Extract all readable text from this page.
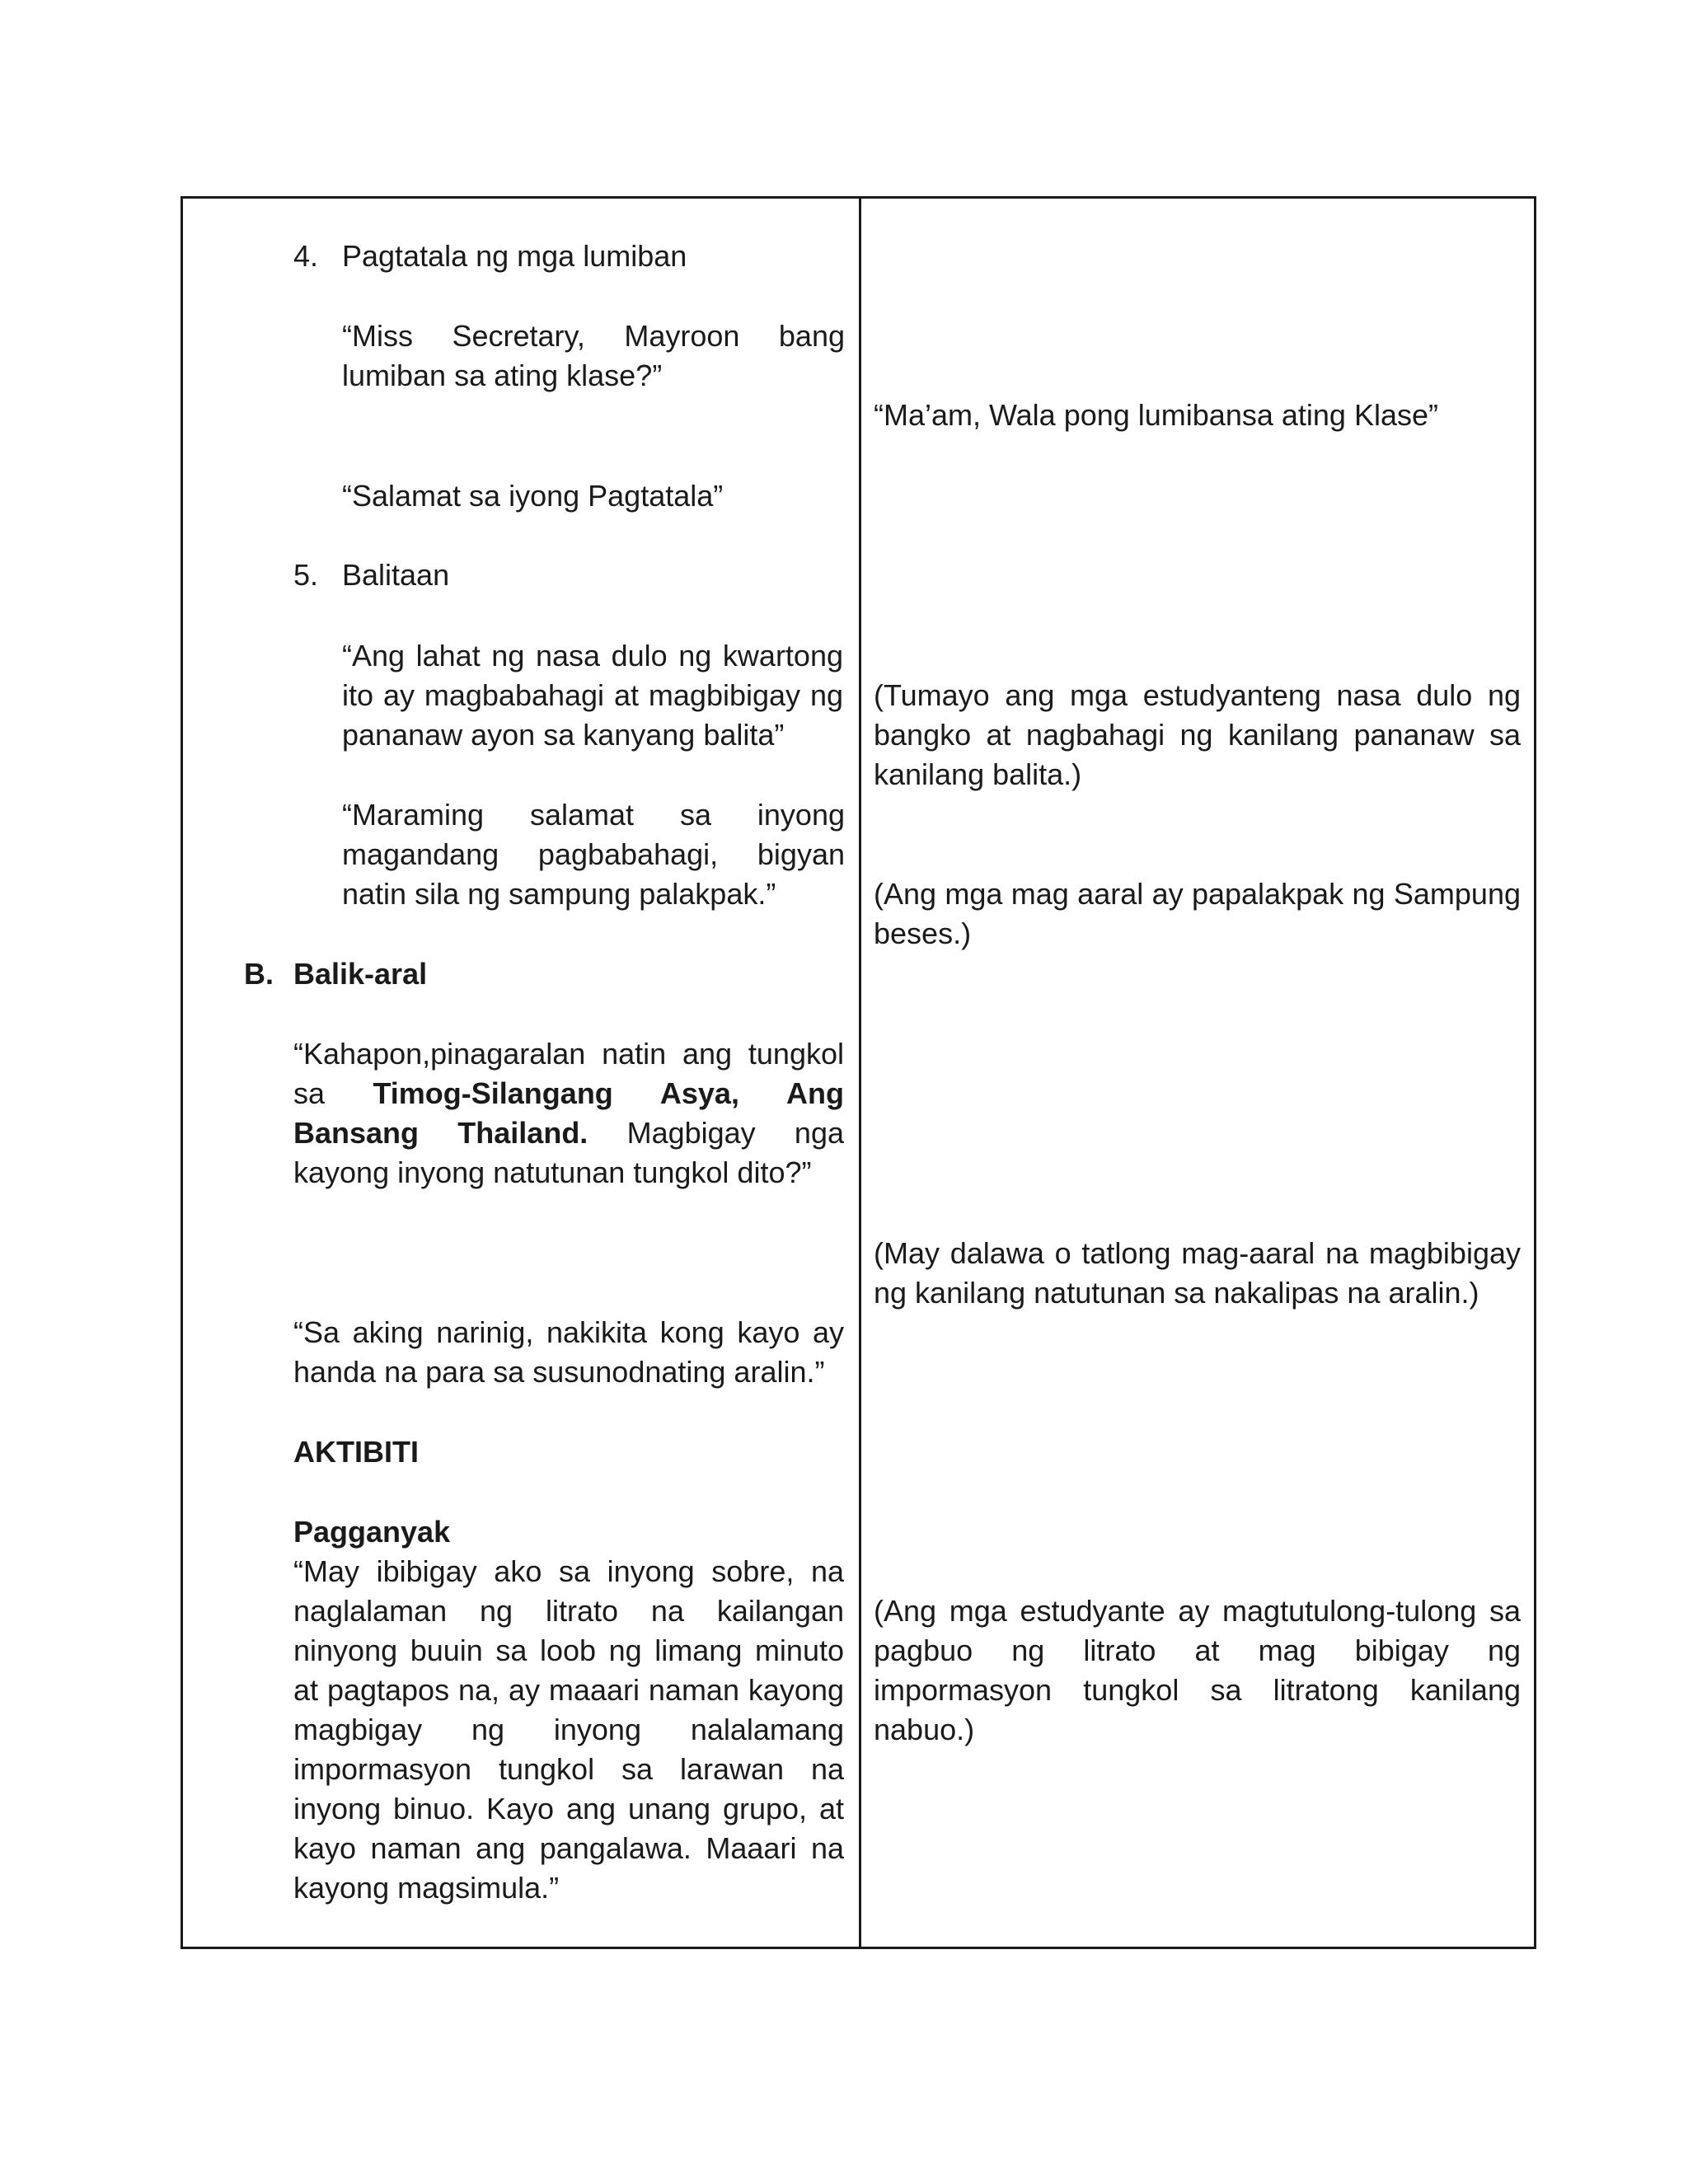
4. Pagtatala ng mga lumiban
“Miss Secretary, Mayroon bang
lumiban sa ating klase?”
“Salamat sa iyong Pagtatala”
5. Balitaan
“Ang lahat ng nasa dulo ng kwartong ito ay magbabahagi at magbibigay ng pananaw ayon sa kanyang balita”
“Maraming salamat sa inyong
magandang pagbabahagi, bigyan
natin sila ng sampung palakpak.”
B. Balik-aral

“Kahapon,pinagaralan natin ang tungkol sa Timog-Silangang Asya, Ang Bansang Thailand. Magbigay nga kayong inyong natutunan tungkol dito?”

“Sa aking narinig, nakikita kong kayo ay handa na para sa susunodnating aralin.”
AKTIBITI
Pagganyak
“May ibibigay ako sa inyong sobre, na naglalaman ng litrato na kailangan ninyong buuin sa loob ng limang minuto at pagtapos na, ay maaari naman kayong magbigay ng inyong nalalamang impormasyon tungkol sa larawan na inyong binuo. Kayo ang unang grupo, at kayo naman ang pangalawa. Maaari na kayong magsimula.”
“Ma’am, Wala pong lumibansa ating Klase”
(Tumayo ang mga estudyanteng nasa dulo ng bangko at nagbahagi ng kanilang pananaw sa kanilang balita.)
(Ang mga mag aaral ay papalakpak ng Sampung beses.)
(May dalawa o tatlong mag-aaral na magbibigay ng kanilang natutunan sa nakalipas na aralin.)
(Ang mga estudyante ay magtutulong-tulong sa pagbuo ng litrato at mag bibigay ng impormasyon tungkol sa litratong kanilang nabuo.)
